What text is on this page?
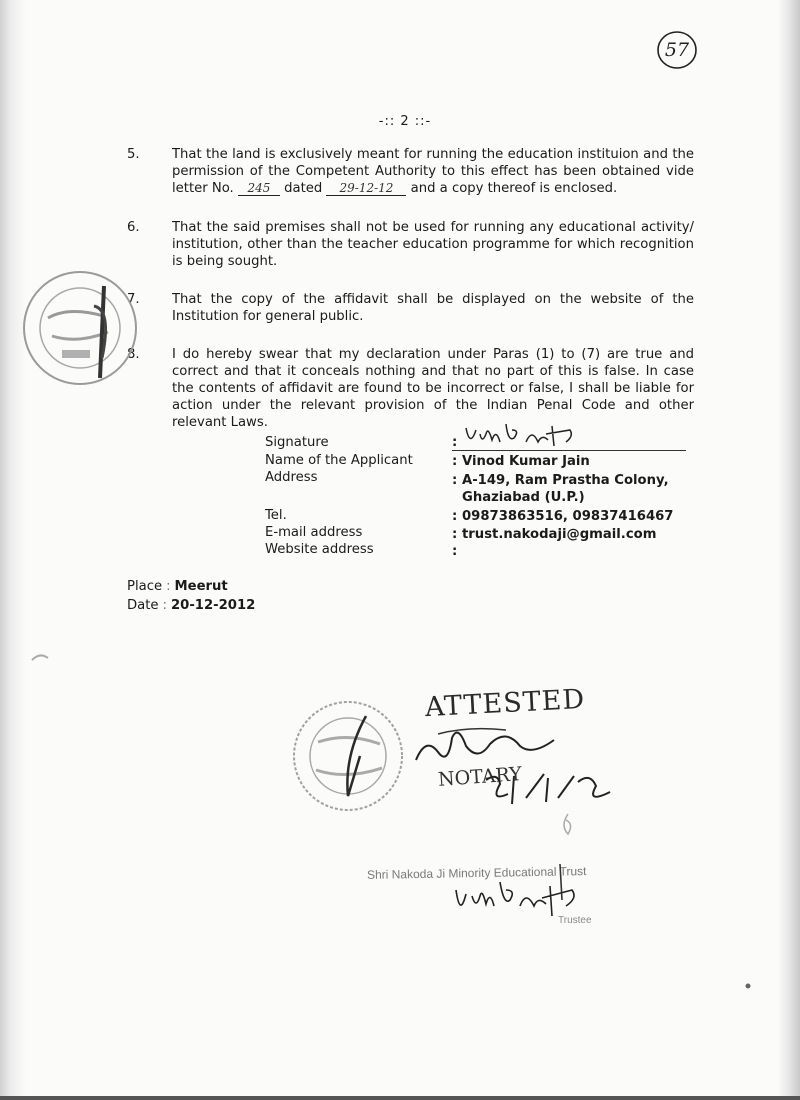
57
-:: 2 ::-
5. That the land is exclusively meant for running the education instituion and the permission of the Competent Authority to this effect has been obtained vide letter No. 245 dated 29-12-12 and a copy thereof is enclosed.
6. That the said premises shall not be used for running any educational activity/ institution, other than the teacher education programme for which recognition is being sought.
7. That the copy of the affidavit shall be displayed on the website of the Institution for general public.
8. I do hereby swear that my declaration under Paras (1) to (7) are true and correct and that it conceals nothing and that no part of this is false. In case the contents of affidavit are found to be incorrect or false, I shall be liable for action under the relevant provision of the Indian Penal Code and other relevant Laws.
Signature	:
Name of the Applicant	: Vinod Kumar Jain
Address	: A-149, Ram Prastha Colony,
Ghaziabad (U.P.)
Tel.	: 09873863516, 09837416467
E-mail address	: trust.nakodaji@gmail.com
Website address	:
Place : Meerut
Date : 20-12-2012
ATTESTED
NOTARY
Shri Nakoda Ji Minority Educational Trust
Trustee
